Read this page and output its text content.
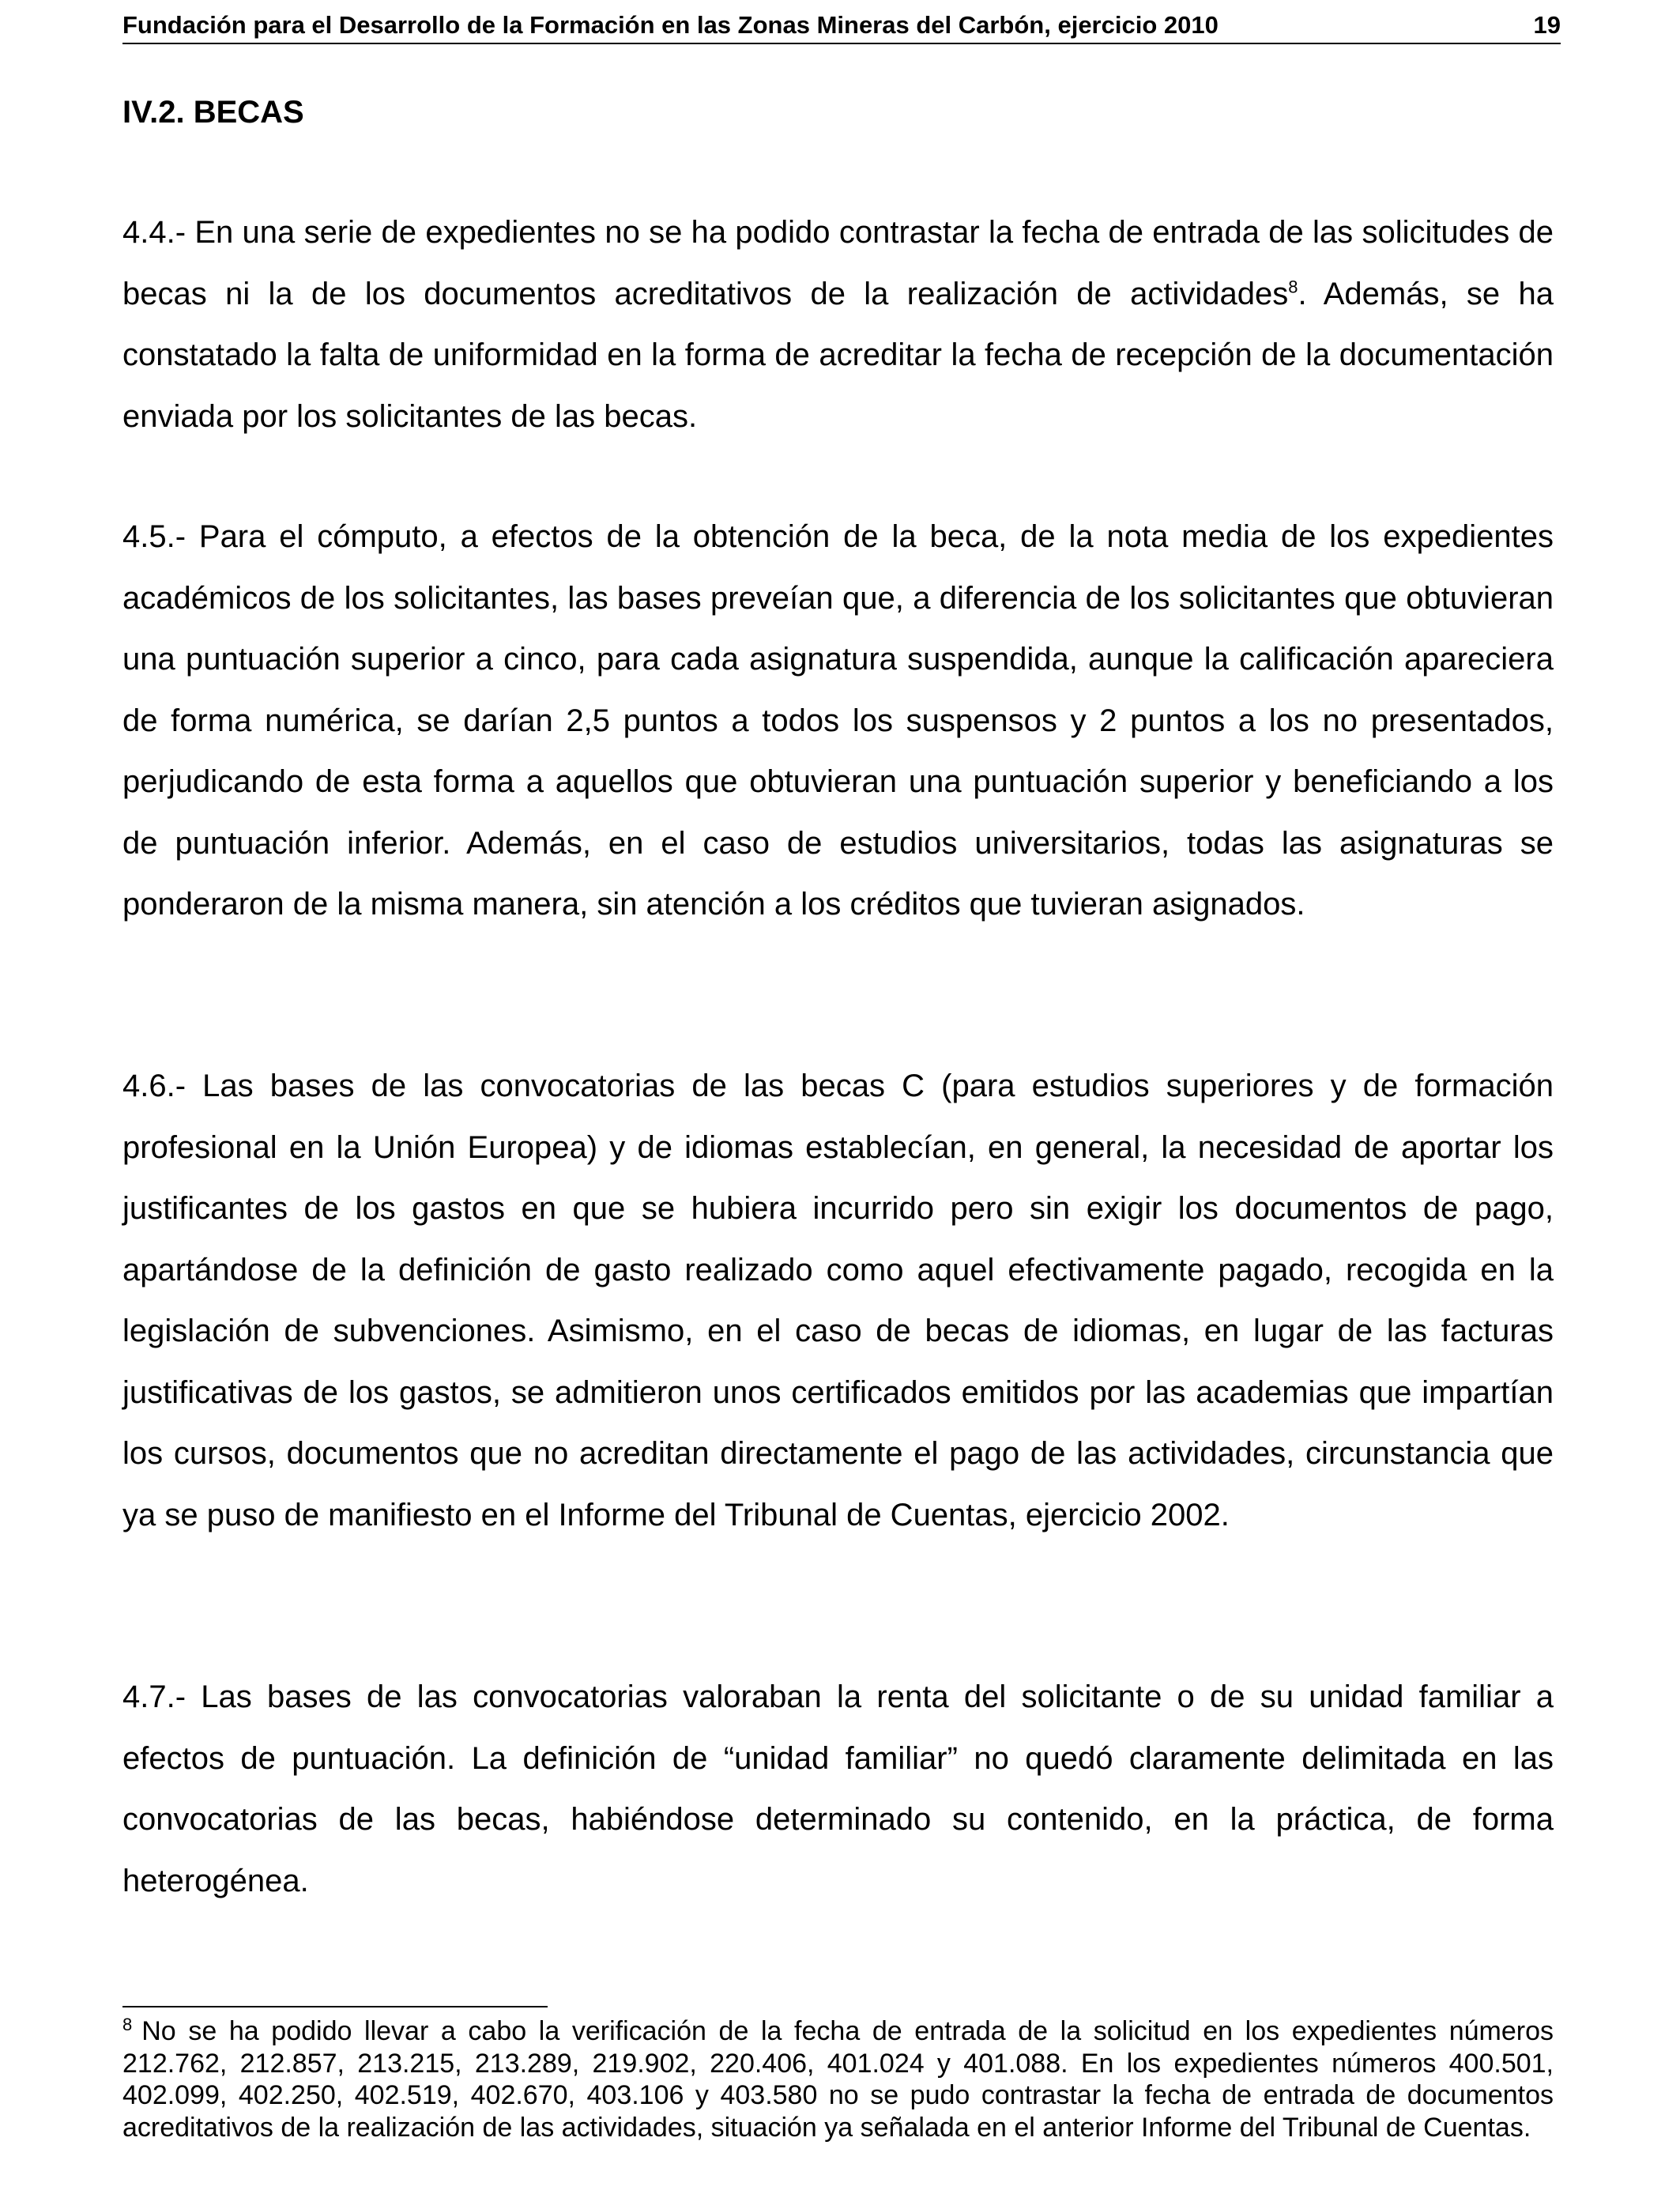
Fundación para el Desarrollo de la Formación en las Zonas Mineras del Carbón, ejercicio 2010	19
IV.2. BECAS

4.4.- En una serie de expedientes no se ha podido contrastar la fecha de entrada de las solicitudes de becas ni la de los documentos acreditativos de la realización de actividades$^8$. Además, se ha constatado la falta de uniformidad en la forma de acreditar la fecha de recepción de la documentación enviada por los solicitantes de las becas.

4.5.- Para el cómputo, a efectos de la obtención de la beca, de la nota media de los expedientes académicos de los solicitantes, las bases preveían que, a diferencia de los solicitantes que obtuvieran una puntuación superior a cinco, para cada asignatura suspendida, aunque la calificación apareciera de forma numérica, se darían 2,5 puntos a todos los suspensos y 2 puntos a los no presentados, perjudicando de esta forma a aquellos que obtuvieran una puntuación superior y beneficiando a los de puntuación inferior. Además, en el caso de estudios universitarios, todas las asignaturas se ponderaron de la misma manera, sin atención a los créditos que tuvieran asignados.

4.6.- Las bases de las convocatorias de las becas C (para estudios superiores y de formación profesional en la Unión Europea) y de idiomas establecían, en general, la necesidad de aportar los justificantes de los gastos en que se hubiera incurrido pero sin exigir los documentos de pago, apartándose de la definición de gasto realizado como aquel efectivamente pagado, recogida en la legislación de subvenciones. Asimismo, en el caso de becas de idiomas, en lugar de las facturas justificativas de los gastos, se admitieron unos certificados emitidos por las academias que impartían los cursos, documentos que no acreditan directamente el pago de las actividades, circunstancia que ya se puso de manifiesto en el Informe del Tribunal de Cuentas, ejercicio 2002.

4.7.- Las bases de las convocatorias valoraban la renta del solicitante o de su unidad familiar a efectos de puntuación. La definición de “unidad familiar” no quedó claramente delimitada en las convocatorias de las becas, habiéndose determinado su contenido, en la práctica, de forma heterogénea.

$^8$ No se ha podido llevar a cabo la verificación de la fecha de entrada de la solicitud en los expedientes números 212.762, 212.857, 213.215, 213.289, 219.902, 220.406, 401.024 y 401.088. En los expedientes números 400.501, 402.099, 402.250, 402.519, 402.670, 403.106 y 403.580 no se pudo contrastar la fecha de entrada de documentos acreditativos de la realización de las actividades, situación ya señalada en el anterior Informe del Tribunal de Cuentas.
